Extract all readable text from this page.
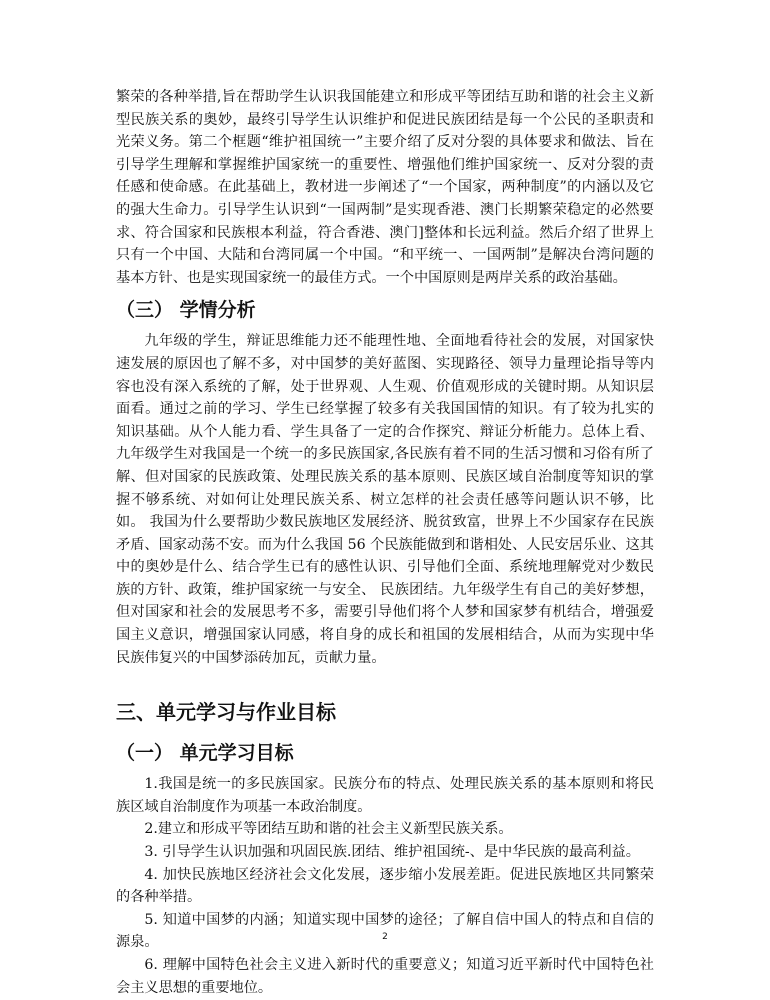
繁荣的各种举措,旨在帮助学生认识我国能建立和形成平等团结互助和谐的社会主义新型民族关系的奥妙，最终引导学生认识维护和促进民族团结是每一个公民的圣职责和光荣义务。第二个框题“维护祖国统一”主要介绍了反对分裂的具体要求和做法、旨在引导学生理解和掌握维护国家统一的重要性、增强他们维护国家统一、反对分裂的责任感和使命感。在此基础上，教材进一步阐述了“一个国家，两种制度”的内涵以及它的强大生命力。引导学生认识到“一国两制”是实现香港、澳门长期繁荣稳定的必然要求、符合国家和民族根本利益，符合香港、澳门]整体和长远利益。然后介绍了世界上只有一个中国、大陆和台湾同属一个中国。“和平统一、一国两制”是解决台湾问题的基本方针、也是实现国家统一的最佳方式。一个中国原则是两岸关系的政治基础。

（三） 学情分析

九年级的学生，辩证思维能力还不能理性地、全面地看待社会的发展，对国家快速发展的原因也了解不多，对中国梦的美好蓝图、实现路径、领导力量理论指导等内容也没有深入系统的了解，处于世界观、人生观、价值观形成的关键时期。从知识层面看。通过之前的学习、学生已经掌握了较多有关我国国情的知识。有了较为扎实的知识基础。从个人能力看、学生具备了一定的合作探究、辩证分析能力。总体上看、九年级学生对我国是一个统一的多民族国家,各民族有着不同的生活习惯和习俗有所了解、但对国家的民族政策、处理民族关系的基本原则、民族区域自治制度等知识的掌握不够系统、对如何让处理民族关系、树立怎样的社会责任感等问题认识不够，比如。 我国为什么要帮助少数民族地区发展经济、脱贫致富，世界上不少国家存在民族矛盾、国家动荡不安。而为什么我国 56 个民族能做到和谐相处、人民安居乐业、这其中的奥妙是什么、结合学生已有的感性认识、引导他们全面、系统地理解党对少数民族的方针、政策，维护国家统一与安全、 民族团结。九年级学生有自己的美好梦想，但对国家和社会的发展思考不多，需要引导他们将个人梦和国家梦有机结合，增强爱国主义意识，增强国家认同感，将自身的成长和祖国的发展相结合，从而为实现中华民族伟复兴的中国梦添砖加瓦，贡献力量。

三、单元学习与作业目标
（一） 单元学习目标

1.我国是统一的多民族国家。民族分布的特点、处理民族关系的基本原则和将民族区域自治制度作为项基一本政治制度。

2.建立和形成平等团结互助和谐的社会主义新型民族关系。

3. 引导学生认识加强和巩固民族.团结、维护祖国统-、是中华民族的最高利益。

4. 加快民族地区经济社会文化发展，逐步缩小发展差距。促进民族地区共同繁荣的各种举措。

5. 知道中国梦的内涵；知道实现中国梦的途径；了解自信中国人的特点和自信的源泉。

6. 理解中国特色社会主义进入新时代的重要意义；知道习近平新时代中国特色社会主义思想的重要地位。

2
